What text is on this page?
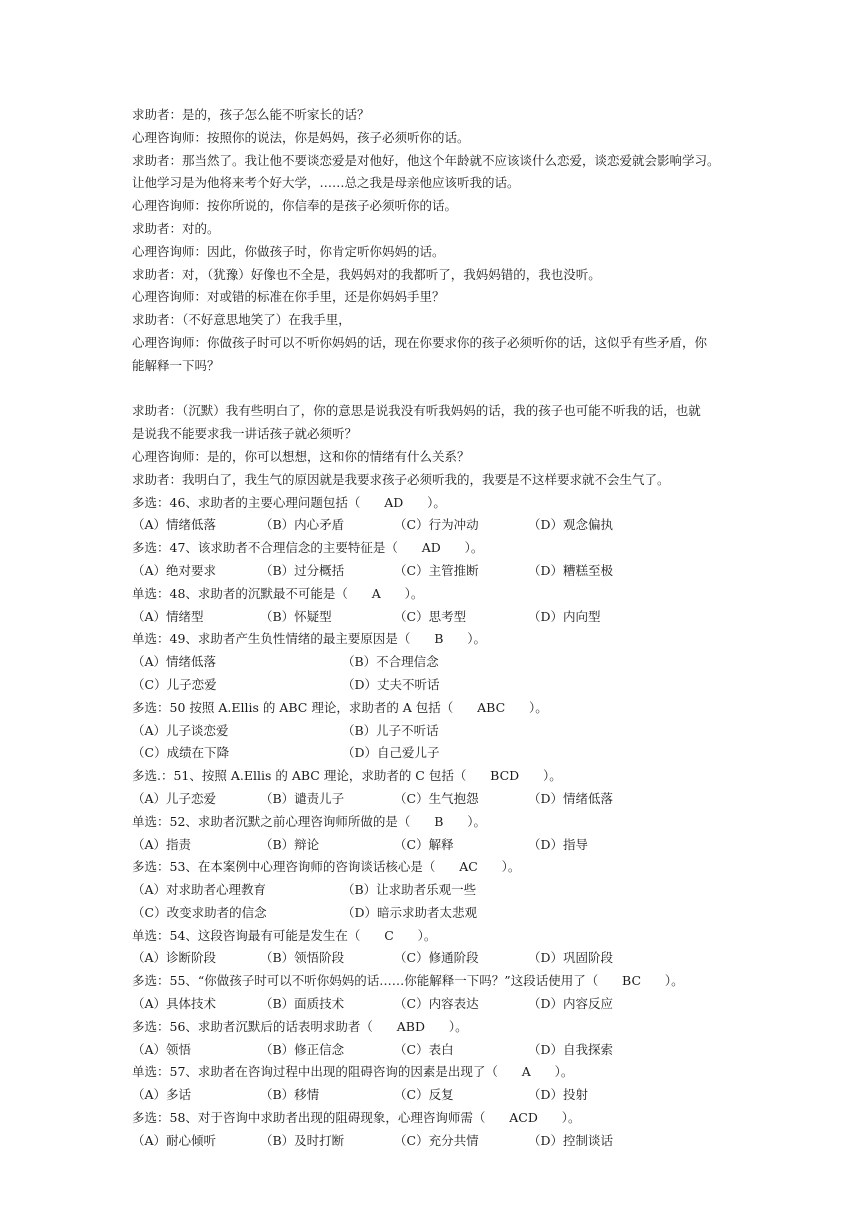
求助者：是的，孩子怎么能不听家长的话？
心理咨询师：按照你的说法，你是妈妈，孩子必须听你的话。
求助者：那当然了。我让他不要谈恋爱是对他好，他这个年龄就不应该谈什么恋爱，谈恋爱就会影响学习。
让他学习是为他将来考个好大学，……总之我是母亲他应该听我的话。
心理咨询师：按你所说的，你信奉的是孩子必须听你的话。
求助者：对的。
心理咨询师：因此，你做孩子时，你肯定听你妈妈的话。
求助者：对，（犹豫）好像也不全是，我妈妈对的我都听了，我妈妈错的，我也没听。
心理咨询师：对或错的标准在你手里，还是你妈妈手里？
求助者：（不好意思地笑了）在我手里，
心理咨询师：你做孩子时可以不听你妈妈的话，现在你要求你的孩子必须听你的话，这似乎有些矛盾，你
能解释一下吗？
求助者：（沉默）我有些明白了，你的意思是说我没有听我妈妈的话，我的孩子也可能不听我的话，也就
是说我不能要求我一讲话孩子就必须听？
心理咨询师：是的，你可以想想，这和你的情绪有什么关系？
求助者：我明白了，我生气的原因就是我要求孩子必须听我的，我要是不这样要求就不会生气了。
多选：46、求助者的主要心理问题包括（      AD      ）。
（A）情绪低落	（B）内心矛盾	（C）行为冲动	（D）观念偏执
多选：47、该求助者不合理信念的主要特征是（      AD      ）。
（A）绝对要求	（B）过分概括	（C）主管推断	（D）糟糕至极
单选：48、求助者的沉默最不可能是（      A      ）。
（A）情绪型	（B）怀疑型	（C）思考型	（D）内向型
单选：49、求助者产生负性情绪的最主要原因是（      B      ）。
（A）情绪低落	（B）不合理信念
（C）儿子恋爱	（D）丈夫不听话
多选：50 按照 A.Ellis 的 ABC 理论，求助者的 A 包括（      ABC      ）。
（A）儿子谈恋爱	（B）儿子不听话
（C）成绩在下降	（D）自己爱儿子
多选.：51、按照 A.Ellis 的 ABC 理论，求助者的 C 包括（      BCD      ）。
（A）儿子恋爱	（B）谴责儿子	（C）生气抱怨	（D）情绪低落
单选：52、求助者沉默之前心理咨询师所做的是（      B      ）。
（A）指责	（B）辩论	（C）解释	（D）指导
多选：53、在本案例中心理咨询师的咨询谈话核心是（      AC      ）。
（A）对求助者心理教育	（B）让求助者乐观一些
（C）改变求助者的信念	（D）暗示求助者太悲观
单选：54、这段咨询最有可能是发生在（      C      ）。
（A）诊断阶段	（B）领悟阶段	（C）修通阶段	（D）巩固阶段
多选：55、“你做孩子时可以不听你妈妈的话……你能解释一下吗？”这段话使用了（      BC      ）。
（A）具体技术	（B）面质技术	（C）内容表达	（D）内容反应
多选：56、求助者沉默后的话表明求助者（      ABD      ）。
（A）领悟	（B）修正信念	（C）表白	（D）自我探索
单选：57、求助者在咨询过程中出现的阻碍咨询的因素是出现了（      A      ）。
（A）多话	（B）移情	（C）反复	（D）投射
多选：58、对于咨询中求助者出现的阻碍现象，心理咨询师需（      ACD      ）。
（A）耐心倾听	（B）及时打断	（C）充分共情	（D）控制谈话
